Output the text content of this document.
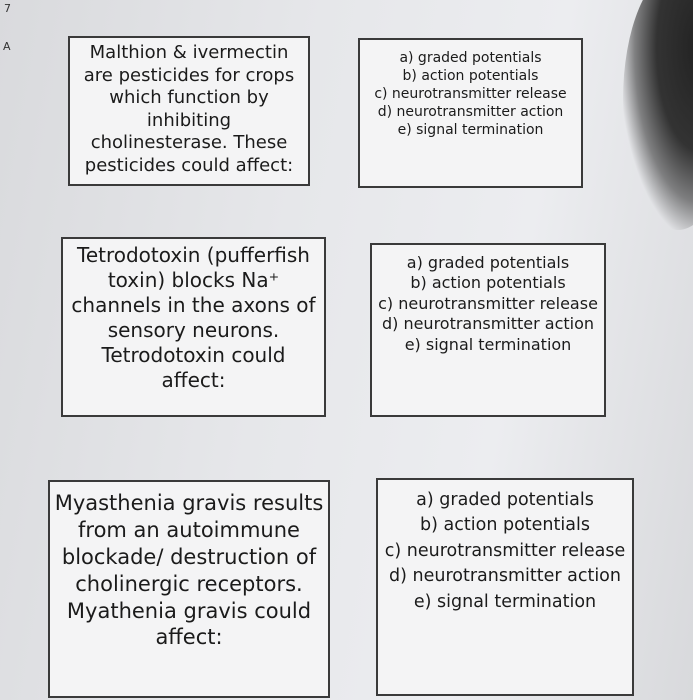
7
A	Malthion & ivermectin
are pesticides for crops
which function by
inhibiting
cholinesterase. These
pesticides could affect:
a) graded potentials
b) action potentials
c) neurotransmitter release
d) neurotransmitter action
e) signal termination
Tetrodotoxin (pufferfish
toxin) blocks Na⁺
channels in the axons of
sensory neurons.
Tetrodotoxin could
affect:
a) graded potentials
b) action potentials
c) neurotransmitter release
d) neurotransmitter action
e) signal termination
Myasthenia gravis results
from an autoimmune
blockade/ destruction of
cholinergic receptors.
Myathenia gravis could
affect:
a) graded potentials
b) action potentials
c) neurotransmitter release
d) neurotransmitter action
e) signal termination
